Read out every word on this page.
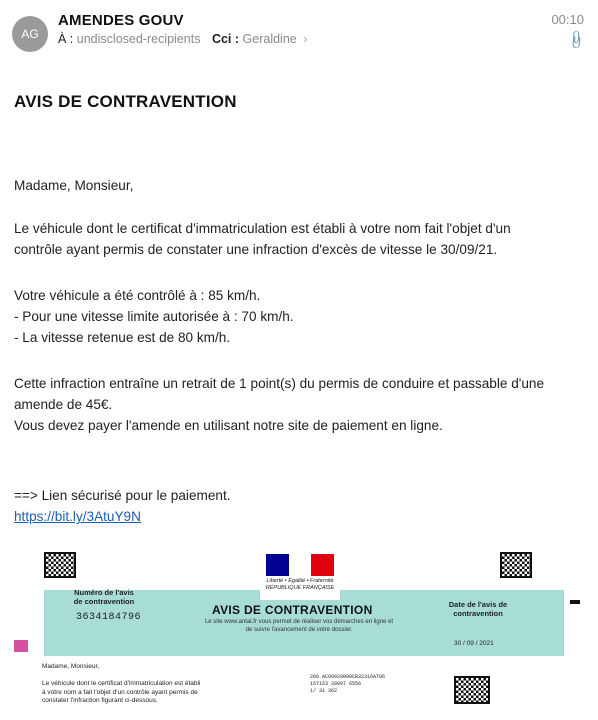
AG
AMENDES GOUV
À : undisclosed-recipients Cci : Geraldine ›
00:10
📎
AVIS DE CONTRAVENTION
Madame, Monsieur,
Le véhicule dont le certificat d'immatriculation est établi à votre nom fait l'objet d'un
contrôle ayant permis de constater une infraction d'excès de vitesse le 30/09/21.
Votre véhicule a été contrôlé à : 85 km/h.
- Pour une vitesse limite autorisée à : 70 km/h.
- La vitesse retenue est de 80 km/h.
Cette infraction entraîne un retrait de 1 point(s) du permis de conduire et passable d'une
amende de 45€.
Vous devez payer l'amende en utilisant notre site de paiement en ligne.
==> Lien sécurisé pour le paiement.
https://bit.ly/3AtuY9N
Liberté • Égalité • Fraternité
RÉPUBLIQUE FRANÇAISE
Numéro de l'avis
de contravention
3634184796
AVIS DE CONTRAVENTION
Le site www.antai.fr vous permet de réaliser vos démarches en ligne et
de suivre l'avancement de votre dossier.
Date de l'avis de
contravention
30 / 09 / 2021
Madame, Monsieur,
Le véhicule dont le certificat d'immatriculation est établi
à votre nom a fait l'objet d'un contrôle ayant permis de
constater l'infraction figurant ci-dessous.
266 ACO0929000CB32316AT06
157153 28897 6556
1/ 31 362
